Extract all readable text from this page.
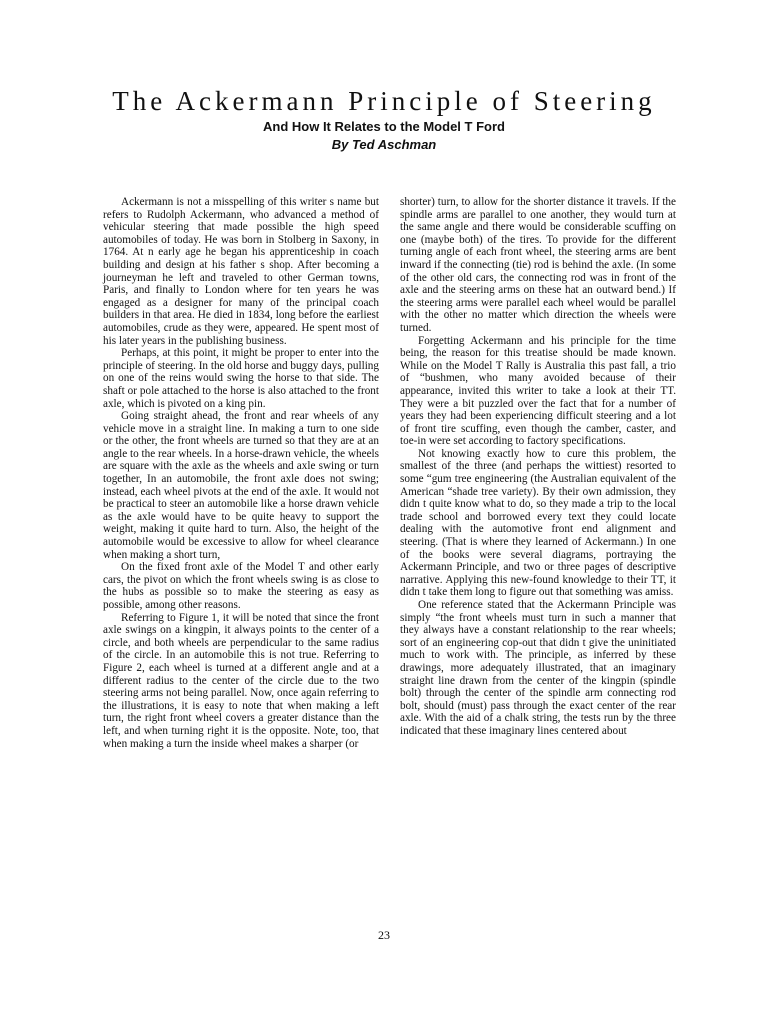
The Ackermann Principle of Steering
And How It Relates to the Model T Ford
By Ted Aschman

Ackermann is not a misspelling of this writer s name but refers to Rudolph Ackermann, who advanced a method of vehicular steering that made possible the high speed automobiles of today. He was born in Stolberg in Saxony, in 1764. At n early age he began his apprenticeship in coach building and design at his father s shop. After becoming a journeyman he left and traveled to other German towns, Paris, and finally to London where for ten years he was engaged as a designer for many of the principal coach builders in that area. He died in 1834, long before the earliest automobiles, crude as they were, appeared. He spent most of his later years in the publishing business.

Perhaps, at this point, it might be proper to enter into the principle of steering. In the old horse and buggy days, pulling on one of the reins would swing the horse to that side. The shaft or pole attached to the horse is also attached to the front axle, which is pivoted on a king pin.

Going straight ahead, the front and rear wheels of any vehicle move in a straight line. In making a turn to one side or the other, the front wheels are turned so that they are at an angle to the rear wheels. In a horse-drawn vehicle, the wheels are square with the axle as the wheels and axle swing or turn together, In an automobile, the front axle does not swing; instead, each wheel pivots at the end of the axle. It would not be practical to steer an automobile like a horse drawn vehicle as the axle would have to be quite heavy to support the weight, making it quite hard to turn. Also, the height of the automobile would be excessive to allow for wheel clearance when making a short turn,

On the fixed front axle of the Model T and other early cars, the pivot on which the front wheels swing is as close to the hubs as possible so to make the steering as easy as possible, among other reasons.

Referring to Figure 1, it will be noted that since the front axle swings on a kingpin, it always points to the center of a circle, and both wheels are perpendicular to the same radius of the circle. In an automobile this is not true. Referring to Figure 2, each wheel is turned at a different angle and at a different radius to the center of the circle due to the two steering arms not being parallel. Now, once again referring to the illustrations, it is easy to note that when making a left turn, the right front wheel covers a greater distance than the left, and when turning right it is the opposite. Note, too, that when making a turn the inside wheel makes a sharper (or

shorter) turn, to allow for the shorter distance it travels. If the spindle arms are parallel to one another, they would turn at the same angle and there would be considerable scuffing on one (maybe both) of the tires. To provide for the different turning angle of each front wheel, the steering arms are bent inward if the connecting (tie) rod is behind the axle. (In some of the other old cars, the connecting rod was in front of the axle and the steering arms on these hat an outward bend.) If the steering arms were parallel each wheel would be parallel with the other no matter which direction the wheels were turned.

Forgetting Ackermann and his principle for the time being, the reason for this treatise should be made known. While on the Model T Rally is Australia this past fall, a trio of “bushmen, who many avoided because of their appearance, invited this writer to take a look at their TT. They were a bit puzzled over the fact that for a number of years they had been experiencing difficult steering and a lot of front tire scuffing, even though the camber, caster, and toe-in were set according to factory specifications.

Not knowing exactly how to cure this problem, the smallest of the three (and perhaps the wittiest) resorted to some “gum tree engineering (the Australian equivalent of the American “shade tree variety). By their own admission, they didn t quite know what to do, so they made a trip to the local trade school and borrowed every text they could locate dealing with the automotive front end alignment and steering. (That is where they learned of Ackermann.) In one of the books were several diagrams, portraying the Ackermann Principle, and two or three pages of descriptive narrative. Applying this new-found knowledge to their TT, it didn t take them long to figure out that something was amiss.

One reference stated that the Ackermann Principle was simply “the front wheels must turn in such a manner that they always have a constant relationship to the rear wheels; sort of an engineering cop-out that didn t give the uninitiated much to work with. The principle, as inferred by these drawings, more adequately illustrated, that an imaginary straight line drawn from the center of the kingpin (spindle bolt) through the center of the spindle arm connecting rod bolt, should (must) pass through the exact center of the rear axle. With the aid of a chalk string, the tests run by the three indicated that these imaginary lines centered about

23
